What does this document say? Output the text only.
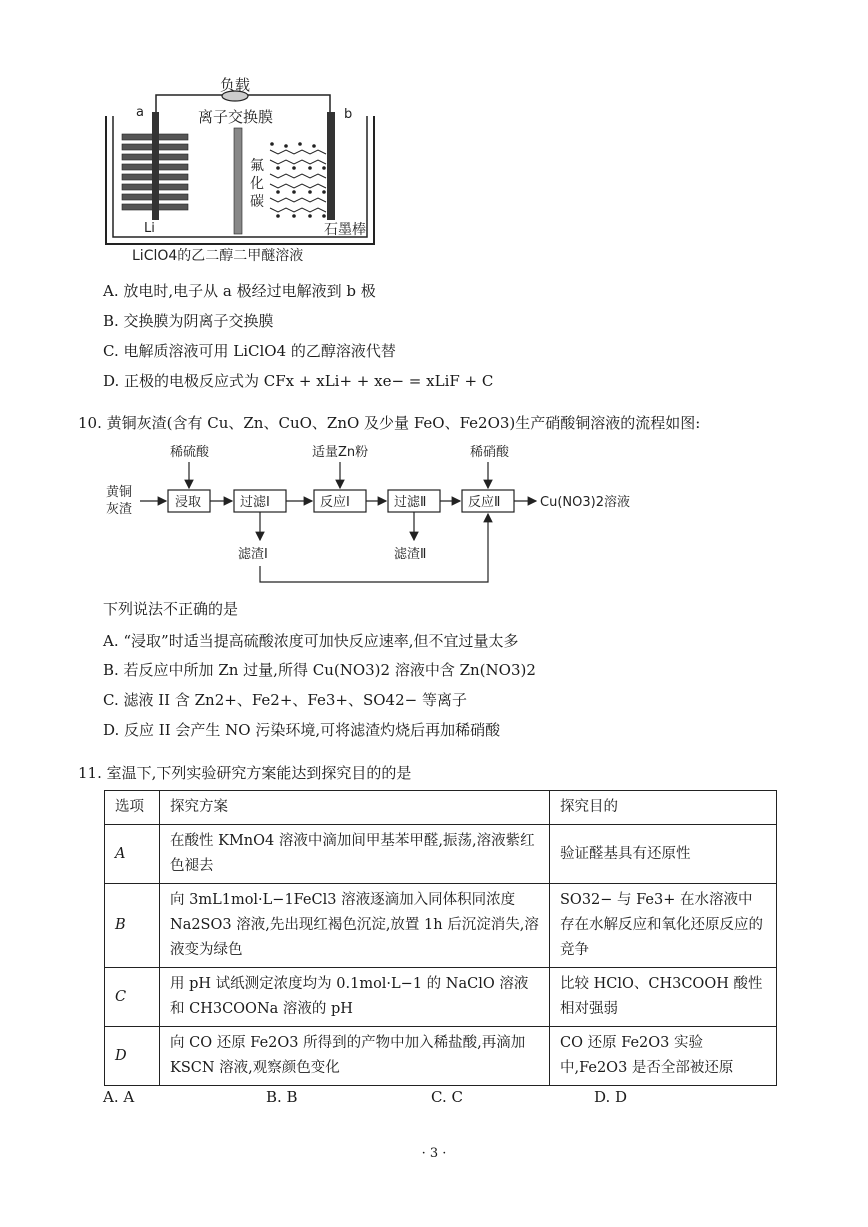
负载
a	b
离子交换膜
Li
氟
化
碳
石墨棒
LiClO4的乙二醇二甲醚溶液
A. 放电时,电子从 a 极经过电解液到 b 极
B. 交换膜为阴离子交换膜
C. 电解质溶液可用 LiClO4 的乙醇溶液代替
D. 正极的电极反应式为 CFx + xLi+ + xe− = xLiF + C
10. 黄铜灰渣(含有 Cu、Zn、CuO、ZnO 及少量 FeO、Fe2O3)生产硝酸铜溶液的流程如图:
黄铜
灰渣
稀硫酸	适量Zn粉	稀硝酸
Cu(NO3)2溶液
滤渣Ⅰ	滤渣Ⅱ
浸取	过滤Ⅰ	反应Ⅰ	过滤Ⅱ	反应Ⅱ
下列说法不正确的是
A. “浸取”时适当提高硫酸浓度可加快反应速率,但不宜过量太多
B. 若反应中所加 Zn 过量,所得 Cu(NO3)2 溶液中含 Zn(NO3)2
C. 滤液 II 含 Zn2+、Fe2+、Fe3+、SO42− 等离子
D. 反应 II 会产生 NO 污染环境,可将滤渣灼烧后再加稀硝酸
11. 室温下,下列实验研究方案能达到探究目的的是
选项	探究方案	探究目的
A	在酸性 KMnO4 溶液中滴加间甲基苯甲醛,振荡,溶液紫红色褪去	验证醛基具有还原性
B	向 3mL1mol·L−1FeCl3 溶液逐滴加入同体积同浓度 Na2SO3 溶液,先出现红褐色沉淀,放置 1h 后沉淀消失,溶液变为绿色	SO32− 与 Fe3+ 在水溶液中存在水解反应和氧化还原反应的竞争
C	用 pH 试纸测定浓度均为 0.1mol·L−1 的 NaClO 溶液和 CH3COONa 溶液的 pH	比较 HClO、CH3COOH 酸性相对强弱
D	向 CO 还原 Fe2O3 所得到的产物中加入稀盐酸,再滴加 KSCN 溶液,观察颜色变化	CO 还原 Fe2O3 实验中,Fe2O3 是否全部被还原
A. A	B. B	C. C	D. D
· 3 ·
